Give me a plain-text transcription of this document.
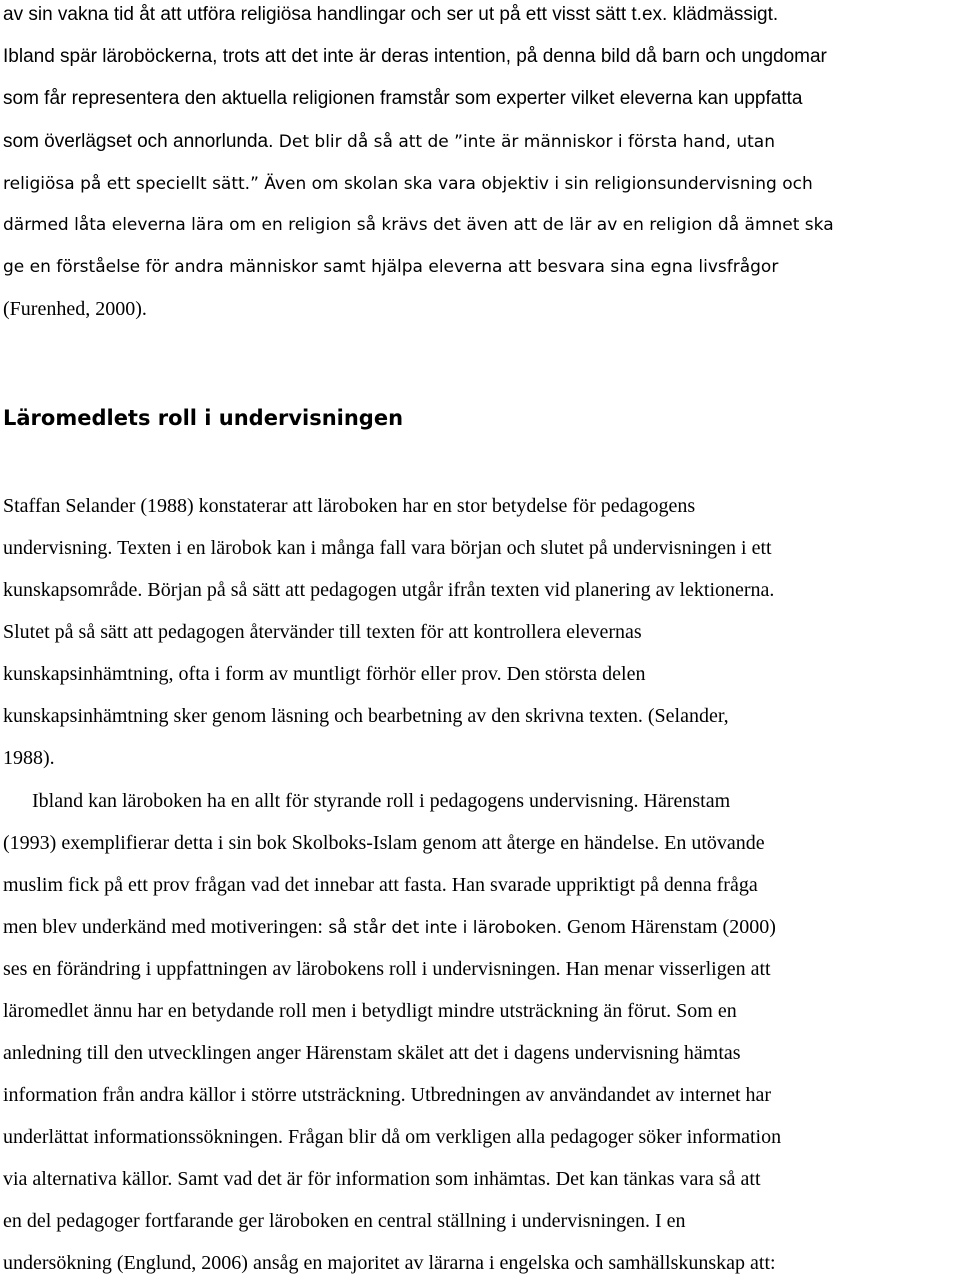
av sin vakna tid åt att utföra religiösa handlingar och ser ut på ett visst sätt t.ex. klädmässigt.
Ibland spär läroböckerna, trots att det inte är deras intention, på denna bild då barn och ungdomar
som får representera den aktuella religionen framstår som experter vilket eleverna kan uppfatta
som överlägset och annorlunda. Det blir då så att de ”inte är människor i första hand, utan
religiösa på ett speciellt sätt.” Även om skolan ska vara objektiv i sin religionsundervisning och
därmed låta eleverna lära om en religion så krävs det även att de lär av en religion då ämnet ska
ge en förståelse för andra människor samt hjälpa eleverna att besvara sina egna livsfrågor
(Furenhed, 2000).
Läromedlets roll i undervisningen
Staffan Selander (1988) konstaterar att läroboken har en stor betydelse för pedagogens
undervisning. Texten i en lärobok kan i många fall vara början och slutet på undervisningen i ett
kunskapsområde. Början på så sätt att pedagogen utgår ifrån texten vid planering av lektionerna.
Slutet på så sätt att pedagogen återvänder till texten för att kontrollera elevernas
kunskapsinhämtning, ofta i form av muntligt förhör eller prov. Den största delen
kunskapsinhämtning sker genom läsning och bearbetning av den skrivna texten. (Selander,
1988).
Ibland kan läroboken ha en allt för styrande roll i pedagogens undervisning. Härenstam
(1993) exemplifierar detta i sin bok Skolboks-Islam genom att återge en händelse. En utövande
muslim fick på ett prov frågan vad det innebar att fasta. Han svarade uppriktigt på denna fråga
men blev underkänd med motiveringen: så står det inte i läroboken. Genom Härenstam (2000)
ses en förändring i uppfattningen av lärobokens roll i undervisningen. Han menar visserligen att
läromedlet ännu har en betydande roll men i betydligt mindre utsträckning än förut. Som en
anledning till den utvecklingen anger Härenstam skälet att det i dagens undervisning hämtas
information från andra källor i större utsträckning. Utbredningen av användandet av internet har
underlättat informationssökningen. Frågan blir då om verkligen alla pedagoger söker information
via alternativa källor. Samt vad det är för information som inhämtas. Det kan tänkas vara så att
en del pedagoger fortfarande ger läroboken en central ställning i undervisningen. I en
undersökning (Englund, 2006) ansåg en majoritet av lärarna i engelska och samhällskunskap att:
